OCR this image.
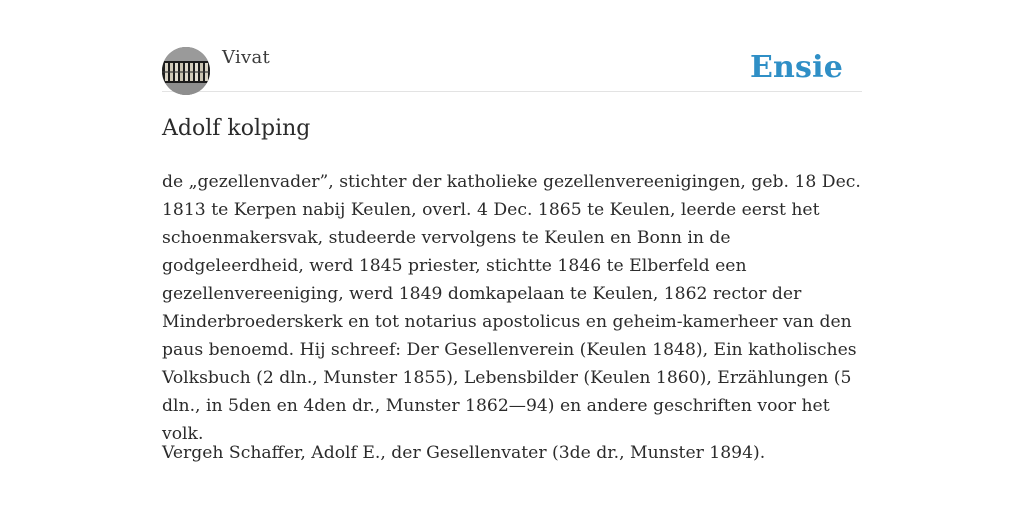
Vivat	Ensie
Adolf kolping

de „gezellenvader”, stichter der katholieke gezellenvereenigingen, geb. 18 Dec. 1813 te Kerpen nabij Keulen, overl. 4 Dec. 1865 te Keulen, leerde eerst het schoenmakersvak, studeerde vervolgens te Keulen en Bonn in de godgeleerdheid, werd 1845 priester, stichtte 1846 te Elberfeld een gezellenvereeniging, werd 1849 domkapelaan te Keulen, 1862 rector der Minderbroederskerk en tot notarius apostolicus en geheim-kamerheer van den paus benoemd. Hij schreef: Der Gesellenverein (Keulen 1848), Ein katholisches Volksbuch (2 dln., Munster 1855), Lebensbilder (Keulen 1860), Erzählungen (5 dln., in 5den en 4den dr., Munster 1862—94) en andere geschriften voor het volk.

Vergeh Schaffer, Adolf E., der Gesellenvater (3de dr., Munster 1894).
